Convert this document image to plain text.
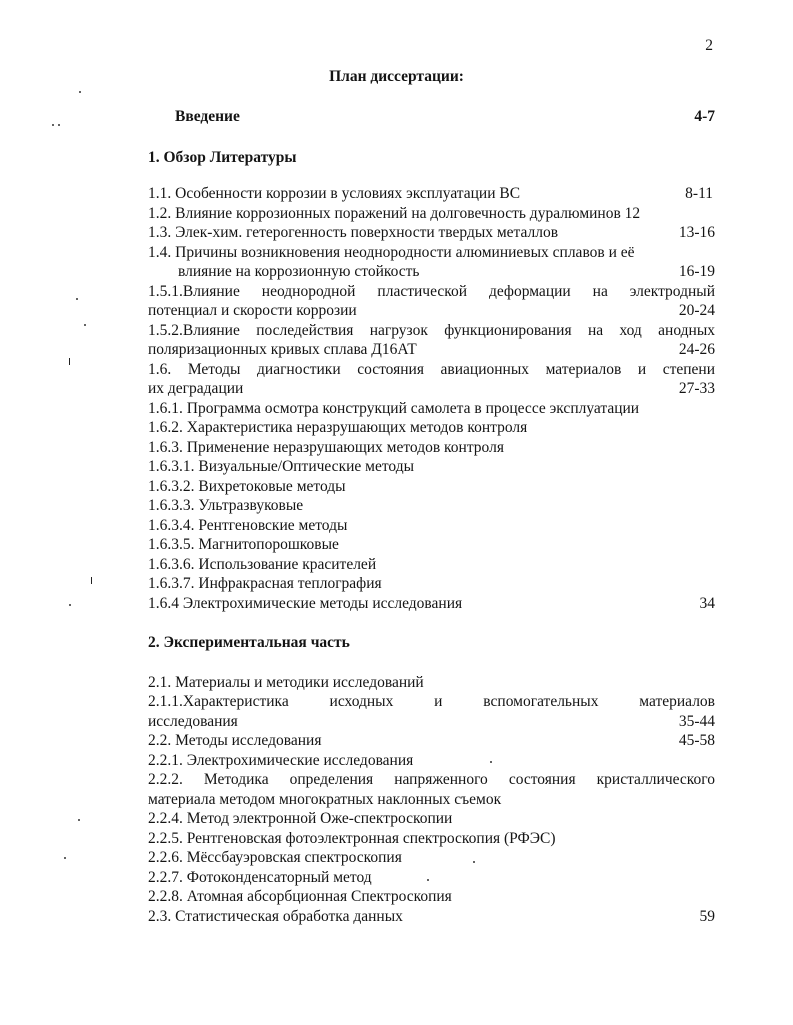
2
План диссертации:
4-7
Введение
1. Обзор Литературы
8-11
1.1. Особенности коррозии в условиях эксплуатации ВС
1.2. Влияние коррозионных поражений на долговечность дуралюминов 12
13-16
1.3. Элек-хим. гетерогенность поверхности твердых металлов
1.4. Причины возникновения неоднородности алюминиевых сплавов и её
16-19
влияние на коррозионную стойкость
1.5.1.Влияние неоднородной пластической деформации на электродный
20-24
потенциал и скорости коррозии
1.5.2.Влияние последействия нагрузок функционирования на ход анодных
24-26
поляризационных кривых сплава Д16АТ
1.6. Методы диагностики состояния авиационных материалов и степени
27-33
их деградации
1.6.1. Программа осмотра конструкций самолета в процессе эксплуатации
1.6.2. Характеристика неразрушающих методов контроля
1.6.3. Применение неразрушающих методов контроля
1.6.3.1. Визуальные/Оптические методы
1.6.3.2. Вихретоковые методы
1.6.3.3. Ультразвуковые
1.6.3.4. Рентгеновские методы
1.6.3.5. Магнитопорошковые
1.6.3.6. Использование красителей
1.6.3.7. Инфракрасная теплография
34
1.6.4 Электрохимические методы исследования
2. Экспериментальная часть
2.1. Материалы и методики исследований
2.1.1.Характеристика исходных и вспомогательных материалов
35-44
исследования
45-58
2.2. Методы исследования
2.2.1. Электрохимические исследования
2.2.2. Методика определения напряженного состояния кристаллического
материала методом многократных наклонных съемок
2.2.4. Метод электронной Оже-спектроскопии
2.2.5. Рентгеновская фотоэлектронная спектроскопия (РФЭС)
2.2.6. Мёссбауэровская спектроскопия
2.2.7. Фотоконденсаторный метод
2.2.8. Атомная абсорбционная Спектроскопия
59
2.3. Статистическая обработка данных
